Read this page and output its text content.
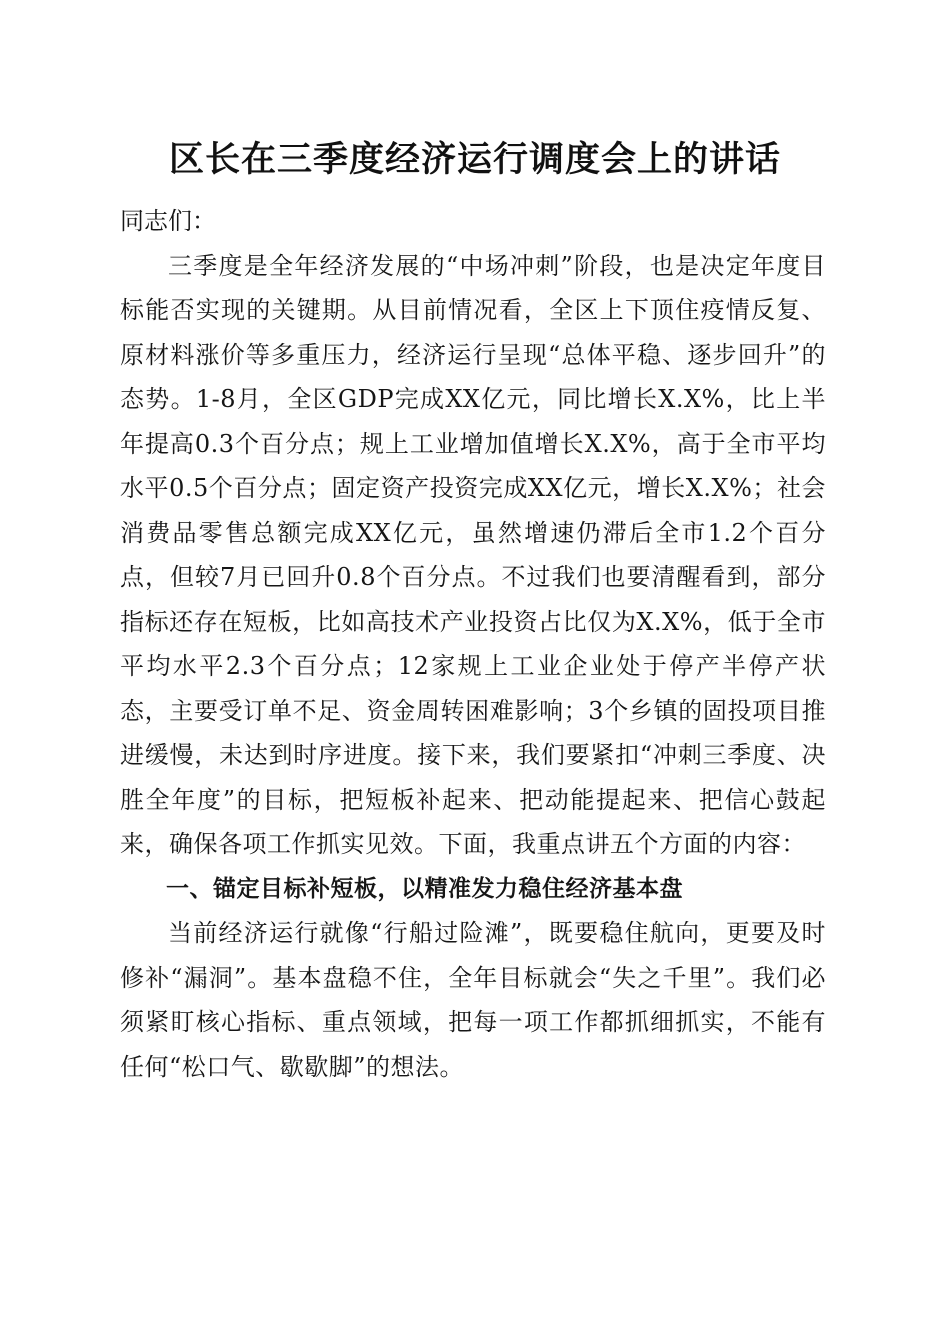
区长在三季度经济运行调度会上的讲话

同志们：

三季度是全年经济发展的“中场冲刺”阶段，也是决定年度目标能否实现的关键期。从目前情况看，全区上下顶住疫情反复、原材料涨价等多重压力，经济运行呈现“总体平稳、逐步回升”的态势。1-8月，全区GDP完成XX亿元，同比增长X.X%，比上半年提高0.3个百分点；规上工业增加值增长X.X%，高于全市平均水平0.5个百分点；固定资产投资完成XX亿元，增长X.X%；社会消费品零售总额完成XX亿元，虽然增速仍滞后全市1.2个百分点，但较7月已回升0.8个百分点。不过我们也要清醒看到，部分指标还存在短板，比如高技术产业投资占比仅为X.X%，低于全市平均水平2.3个百分点；12家规上工业企业处于停产半停产状态，主要受订单不足、资金周转困难影响；3个乡镇的固投项目推进缓慢，未达到时序进度。接下来，我们要紧扣“冲刺三季度、决胜全年度”的目标，把短板补起来、把动能提起来、把信心鼓起来，确保各项工作抓实见效。下面，我重点讲五个方面的内容：

一、锚定目标补短板，以精准发力稳住经济基本盘

当前经济运行就像“行船过险滩”，既要稳住航向，更要及时修补“漏洞”。基本盘稳不住，全年目标就会“失之千里”。我们必须紧盯核心指标、重点领域，把每一项工作都抓细抓实，不能有任何“松口气、歇歇脚”的想法。
